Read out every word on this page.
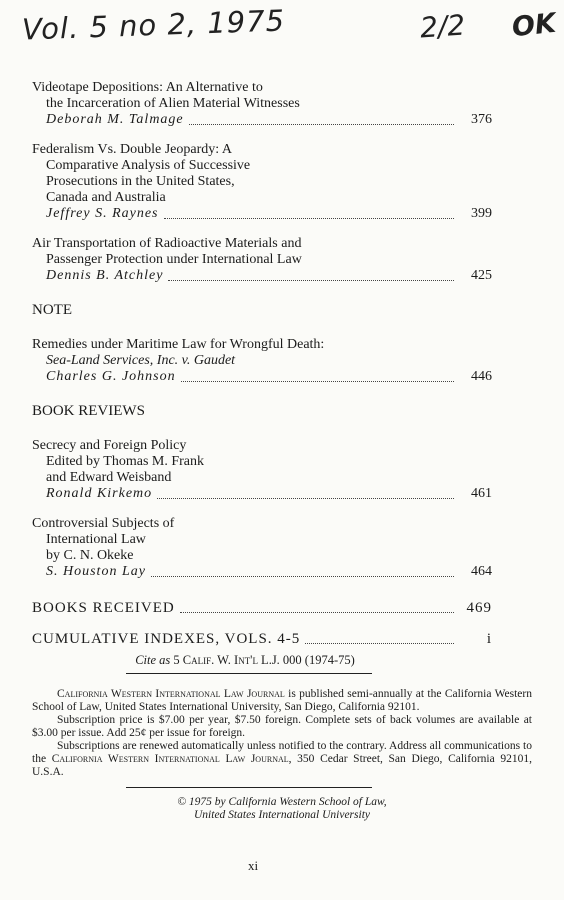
Vol. 5 no 2, 1975	2/2 OK
Videotape Depositions: An Alternative to
the Incarceration of Alien Material Witnesses
Deborah M. Talmage	376
Federalism Vs. Double Jeopardy: A
Comparative Analysis of Successive
Prosecutions in the United States,
Canada and Australia
Jeffrey S. Raynes	399
Air Transportation of Radioactive Materials and
Passenger Protection under International Law
Dennis B. Atchley	425
NOTE
Remedies under Maritime Law for Wrongful Death:
Sea-Land Services, Inc. v. Gaudet
Charles G. Johnson	446
BOOK REVIEWS
Secrecy and Foreign Policy
Edited by Thomas M. Frank
and Edward Weisband
Ronald Kirkemo	461
Controversial Subjects of
International Law
by C. N. Okeke
S. Houston Lay	464
BOOKS RECEIVED	469
CUMULATIVE INDEXES, VOLS. 4-5	i
Cite as 5 Calif. W. Int'l L.J. 000 (1974-75)

California Western International Law Journal is published semi-annually at the California Western School of Law, United States International University, San Diego, California 92101.

Subscription price is $7.00 per year, $7.50 foreign. Complete sets of back volumes are available at $3.00 per issue. Add 25¢ per issue for foreign.

Subscriptions are renewed automatically unless notified to the contrary. Address all communications to the California Western International Law Journal, 350 Cedar Street, San Diego, California 92101, U.S.A.

© 1975 by California Western School of Law,
United States International University
xi
